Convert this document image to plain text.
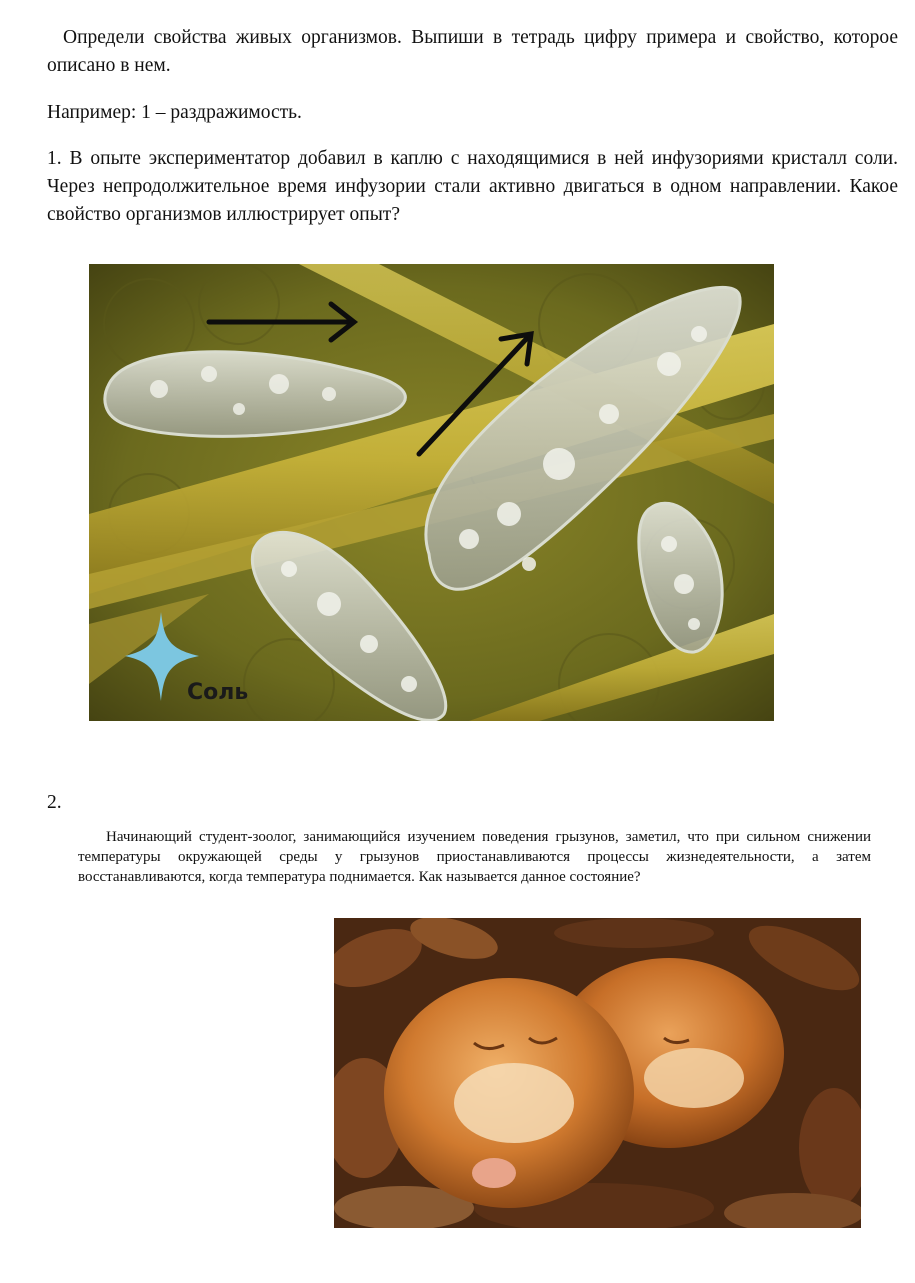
Определи свойства живых организмов. Выпиши в тетрадь цифру примера и свойство, которое описано в нем.

Например: 1 – раздражимость.

1. В опыте экспериментатор добавил в каплю с находящимися в ней инфузориями кристалл соли. Через непродолжительное время инфузории стали активно двигаться в одном направлении. Какое свойство организмов иллюстрирует опыт?

Соль
2.

Начинающий студент-зоолог, занимающийся изучением поведения грызунов, заметил, что при сильном снижении температуры окружающей среды у грызунов приостанавливаются процессы жизнедеятельности, а затем восстанавливаются, когда температура поднимается. Как называется данное состояние?
